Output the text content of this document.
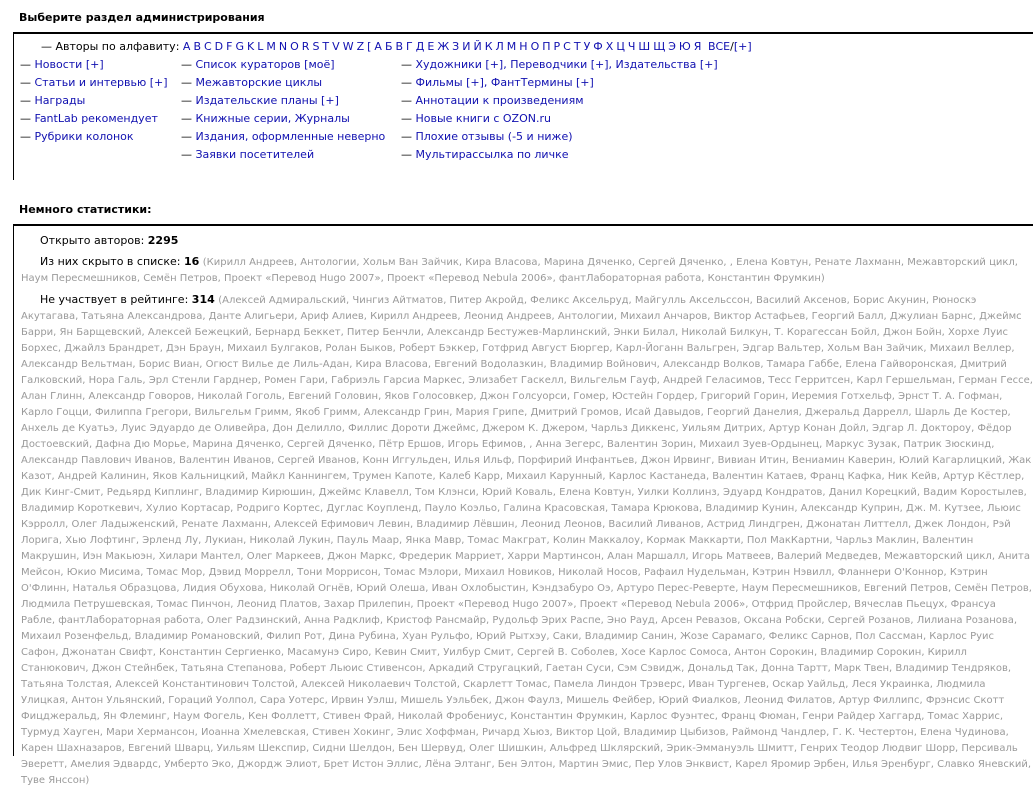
Выберите раздел администрирования
— Авторы по алфавиту: A B C D F G K L M N O R S T V W Z [ А Б В Г Д Е Ж З И Й К Л М Н О П Р С Т У Ф Х Ц Ч Ш Щ Э Ю Я ВСЕ/[+]
— Новости [+]
— Статьи и интервью [+]
— Награды
— FantLab рекомендует
— Рубрики колонок
— Список кураторов [моё]
— Межавторские циклы
— Издательские планы [+]
— Книжные серии, Журналы
— Издания, оформленные неверно
— Заявки посетителей
— Художники [+], Переводчики [+], Издательства [+]
— Фильмы [+], ФантТермины [+]
— Аннотации к произведениям
— Новые книги с OZON.ru
— Плохие отзывы (-5 и ниже)
— Мультирассылка по личке
Немного статистики:

Открыто авторов: 2295

Из них скрыто в списке: 16 (Кирилл Андреев, Антологии, Хольм Ван Зайчик, Кира Власова, Марина Дяченко, Сергей Дяченко, , Елена Ковтун, Ренате Лахманн, Межавторский цикл, Наум Пересмешников, Семён Петров, Проект «Перевод Hugo 2007», Проект «Перевод Nebula 2006», фантЛабораторная работа, Константин Фрумкин)

Не участвует в рейтинге: 314 (Алексей Адмиральский, Чингиз Айтматов, Питер Акройд, Феликс Аксельруд, Майгулль Аксельссон, Василий Аксенов, Борис Акунин, Рюноскэ Акутагава, Татьяна Александрова, Данте Алигьери, Ариф Алиев, Кирилл Андреев, Леонид Андреев, Антологии, Михаил Анчаров, Виктор Астафьев, Георгий Балл, Джулиан Барнс, Джеймс Барри, Ян Барщевский, Алексей Бежецкий, Бернард Беккет, Питер Бенчли, Александр Бестужев-Марлинский, Энки Билал, Николай Билкун, Т. Корагессан Бойл, Джон Бойн, Хорхе Луис Борхес, Джайлз Брандрет, Дэн Браун, Михаил Булгаков, Ролан Быков, Роберт Бэккер, Готфрид Август Бюргер, Карл-Йоганн Вальгрен, Эдгар Вальтер, Хольм Ван Зайчик, Михаил Веллер, Александр Вельтман, Борис Виан, Огюст Вилье де Лиль-Адан, Кира Власова, Евгений Водолазкин, Владимир Войнович, Александр Волков, Тамара Габбе, Елена Гайворонская, Дмитрий Галковский, Нора Галь, Эрл Стенли Гарднер, Ромен Гари, Габриэль Гарсиа Маркес, Элизабет Гаскелл, Вильгельм Гауф, Андрей Геласимов, Тесс Герритсен, Карл Гершельман, Герман Гессе, Алан Глинн, Александр Говоров, Николай Гоголь, Евгений Головин, Яков Голосовкер, Джон Голсуорси, Гомер, Юстейн Гордер, Григорий Горин, Иеремия Готхельф, Эрнст Т. А. Гофман, Карло Гоцци, Филиппа Грегори, Вильгельм Гримм, Якоб Гримм, Александр Грин, Мария Грипе, Дмитрий Громов, Исай Давыдов, Георгий Данелия, Джеральд Даррелл, Шарль Де Костер, Анхель де Куатьэ, Луис Эдуардо де Оливейра, Дон Делилло, Филлис Дороти Джеймс, Джером К. Джером, Чарльз Диккенс, Уильям Дитрих, Артур Конан Дойл, Эдгар Л. Доктороу, Фёдор Достоевский, Дафна Дю Морье, Марина Дяченко, Сергей Дяченко, Пётр Ершов, Игорь Ефимов, , Анна Зегерс, Валентин Зорин, Михаил Зуев-Ордынец, Маркус Зузак, Патрик Зюскинд, Александр Павлович Иванов, Валентин Иванов, Сергей Иванов, Конн Иггульден, Илья Ильф, Порфирий Инфантьев, Джон Ирвинг, Вивиан Итин, Вениамин Каверин, Юлий Кагарлицкий, Жак Казот, Андрей Калинин, Яков Кальницкий, Майкл Каннингем, Трумен Капоте, Калеб Карр, Михаил Карунный, Карлос Кастанеда, Валентин Катаев, Франц Кафка, Ник Кейв, Артур Кёстлер, Дик Кинг-Смит, Редьярд Киплинг, Владимир Кирюшин, Джеймс Клавелл, Том Клэнси, Юрий Коваль, Елена Ковтун, Уилки Коллинз, Эдуард Кондратов, Данил Корецкий, Вадим Коростылев, Владимир Короткевич, Хулио Кортасар, Родриго Кортес, Дуглас Коупленд, Пауло Коэльо, Галина Красовская, Тамара Крюкова, Владимир Кунин, Александр Куприн, Дж. М. Кутзее, Льюис Кэрролл, Олег Ладыженский, Ренате Лахманн, Алексей Ефимович Левин, Владимир Лёвшин, Леонид Леонов, Василий Ливанов, Астрид Линдгрен, Джонатан Литтелл, Джек Лондон, Рэй Лорига, Хью Лофтинг, Эрленд Лу, Лукиан, Николай Лукин, Пауль Маар, Янка Мавр, Томас Макграт, Колин Маккалоу, Кормак Маккарти, Пол МакКартни, Чарльз Маклин, Валентин Макрушин, Иэн Макьюэн, Хилари Мантел, Олег Маркеев, Джон Маркс, Фредерик Марриет, Харри Мартинсон, Алан Маршалл, Игорь Матвеев, Валерий Медведев, Межавторский цикл, Анита Мейсон, Юкио Мисима, Томас Мор, Дэвид Моррелл, Тони Моррисон, Томас Мэлори, Михаил Новиков, Николай Носов, Рафаил Нудельман, Кэтрин Нэвилл, Фланнери О'Коннор, Кэтрин О'Флинн, Наталья Образцова, Лидия Обухова, Николай Огнёв, Юрий Олеша, Иван Охлобыстин, Кэндзабуро Оэ, Артуро Перес-Реверте, Наум Пересмешников, Евгений Петров, Семён Петров, Людмила Петрушевская, Томас Пинчон, Леонид Платов, Захар Прилепин, Проект «Перевод Hugo 2007», Проект «Перевод Nebula 2006», Отфрид Пройслер, Вячеслав Пьецух, Франсуа Рабле, фантЛабораторная работа, Олег Радзинский, Анна Радклиф, Кристоф Рансмайр, Рудольф Эрих Распе, Эно Рауд, Арсен Ревазов, Оксана Робски, Сергей Розанов, Лилиана Розанова, Михаил Розенфельд, Владимир Романовский, Филип Рот, Дина Рубина, Хуан Рульфо, Юрий Рытхэу, Саки, Владимир Санин, Жозе Сарамаго, Феликс Сарнов, Пол Сассман, Карлос Руис Сафон, Джонатан Свифт, Константин Сергиенко, Масамунэ Сиро, Кевин Смит, Уилбур Смит, Сергей В. Соболев, Хосе Карлос Сомоса, Антон Сорокин, Владимир Сорокин, Кирилл Станюкович, Джон Стейнбек, Татьяна Степанова, Роберт Льюис Стивенсон, Аркадий Стругацкий, Гаетан Суси, Сэм Сэвидж, Дональд Так, Донна Тартт, Марк Твен, Владимир Тендряков, Татьяна Толстая, Алексей Константинович Толстой, Алексей Николаевич Толстой, Скарлетт Томас, Памела Линдон Трэверс, Иван Тургенев, Оскар Уайльд, Леся Украинка, Людмила Улицкая, Антон Ульянский, Гораций Уолпол, Сара Уотерс, Ирвин Уэлш, Мишель Уэльбек, Джон Фаулз, Мишель Фейбер, Юрий Фиалков, Леонид Филатов, Артур Филлипс, Фрэнсис Скотт Фицджеральд, Ян Флеминг, Наум Фогель, Кен Фоллетт, Стивен Фрай, Николай Фробениус, Константин Фрумкин, Карлос Фуэнтес, Франц Фюман, Генри Райдер Хаггард, Томас Харрис, Турмуд Хауген, Мари Хермансон, Иоанна Хмелевская, Стивен Хокинг, Элис Хоффман, Ричард Хьюз, Виктор Цой, Владимир Цыбизов, Раймонд Чандлер, Г. К. Честертон, Елена Чудинова, Карен Шахназаров, Евгений Шварц, Уильям Шекспир, Сидни Шелдон, Бен Шервуд, Олег Шишкин, Альфред Шклярский, Эрик-Эммануэль Шмитт, Генрих Теодор Людвиг Шорр, Персиваль Эверетт, Амелия Эдвардс, Умберто Эко, Джордж Элиот, Брет Истон Эллис, Лёна Элтанг, Бен Элтон, Мартин Эмис, Пер Улов Энквист, Карел Яромир Эрбен, Илья Эренбург, Славко Яневский, Туве Янссон)
